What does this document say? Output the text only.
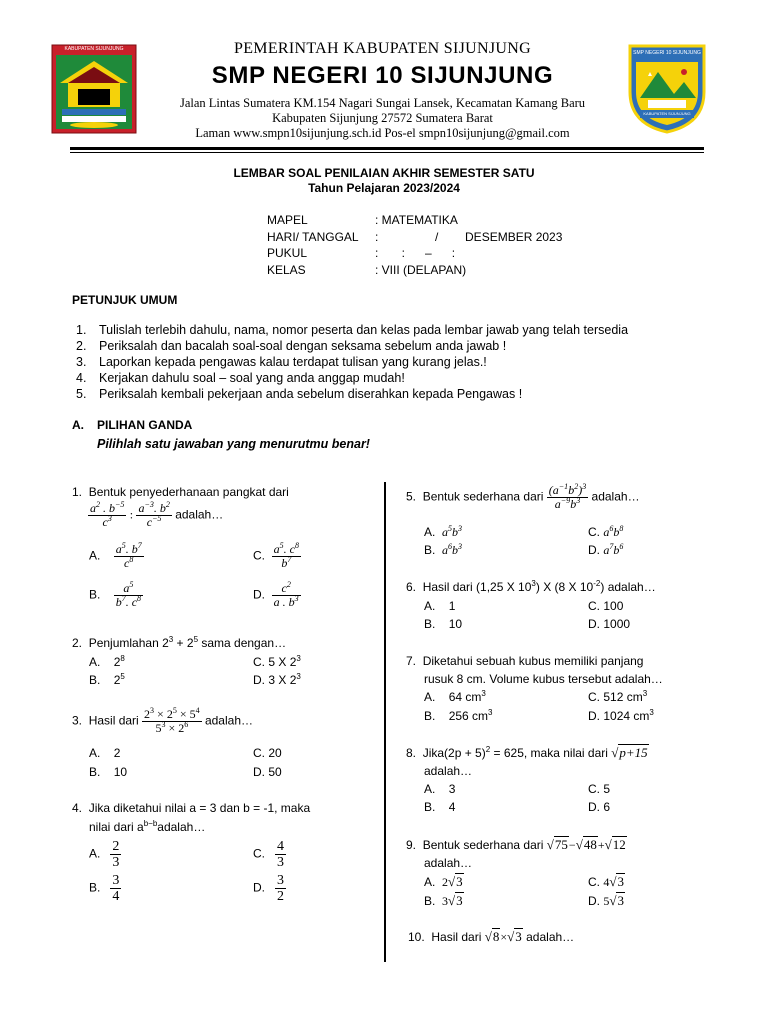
KABUPATEN SIJUNJUNG
SMP NEGERI 10 SIJUNJUNG
KABUPATEN SIJUNJUNG
PEMERINTAH KABUPATEN SIJUNJUNG
SMP NEGERI 10 SIJUNJUNG
Jalan Lintas Sumatera KM.154 Nagari Sungai Lansek, Kecamatan Kamang Baru
Kabupaten Sijunjung 27572 Sumatera Barat
Laman www.smpn10sijunjung.sch.id Pos-el smpn10sijunjung@gmail.com
LEMBAR SOAL PENILAIAN AKHIR SEMESTER SATU
Tahun Pelajaran 2023/2024
MAPEL	: MATEMATIKA
HARI/ TANGGAL	:                 /        DESEMBER 2023
PUKUL	:       :      –      :
KELAS	: VIII (DELAPAN)
PETUNJUK UMUM
1. Tulislah terlebih dahulu, nama, nomor peserta dan kelas pada lembar jawab yang telah tersedia
2. Periksalah dan bacalah soal-soal dengan seksama sebelum anda jawab !
3. Laporkan kepada pengawas kalau terdapat tulisan yang kurang jelas.!
4. Kerjakan dahulu soal – soal yang anda anggap mudah!
5. Periksalah kembali pekerjaan anda sebelum diserahkan kepada Pengawas !
A. PILIHAN GANDA
Pilihlah satu jawaban yang menurutmu benar!
1. Bentuk penyederhanaan pangkat dari
$\frac{a^2 . b^{-5}}{c^3}$ : $\frac{a^{-3}. b^2}{c^{-5}}$ adalah…
A. $\frac{a^5. b^7}{c^8}$	C. $\frac{a^5. c^8}{b^7}$
B. $\frac{a^5}{b^7. c^8}$	D. $\frac{c^2}{a . b^3}$
2. Penjumlahan $2^3 + 2^5$ sama dengan…
A. $2^8$	C. 5 X $2^3$
B. $2^5$	D. 3 X $2^3$
3. Hasil dari $\frac{2^3 \times 2^5 \times 5^4}{5^3 \times 2^6}$ adalah…
A. 2	C. 20
B. 10	D. 50
4. Jika diketahui nilai a = 3 dan b = -1, maka
nilai dari $a^{b-b}adalah\dots$
A. $\frac{2}{3}$	C. $\frac{4}{3}$
B. $\frac{3}{4}$	D. $\frac{3}{2}$
5. Bentuk sederhana dari $\frac{(a^{-1}b^2)^3}{a^{-9}b^3}$ adalah…
A. $a^5b^3$	C. $a^6b^8$
B. $a^6b^3$	D. $a^7b^6$
6. Hasil dari (1,25 X $10^3$) X (8 X $10^{-2}$) adalah…
A. 1	C. 100
B. 10	D. 1000
7. Diketahui sebuah kubus memiliki panjang
rusuk 8 cm. Volume kubus tersebut adalah…
A. 64 $cm^3$	C. 512 $cm^3$
B. 256 $cm^3$	D. 1024 $cm^3$
8. Jika(2p + 5)$^2$ = 625, maka nilai dari √p+15
adalah…
A. 3	C. 5
B. 4	D. 6
9. Bentuk sederhana dari √75−√48+√12
adalah…
A. 2√3	C. 4√3
B. 3√3	D. 5√3
10. Hasil dari √8×√3 adalah…
